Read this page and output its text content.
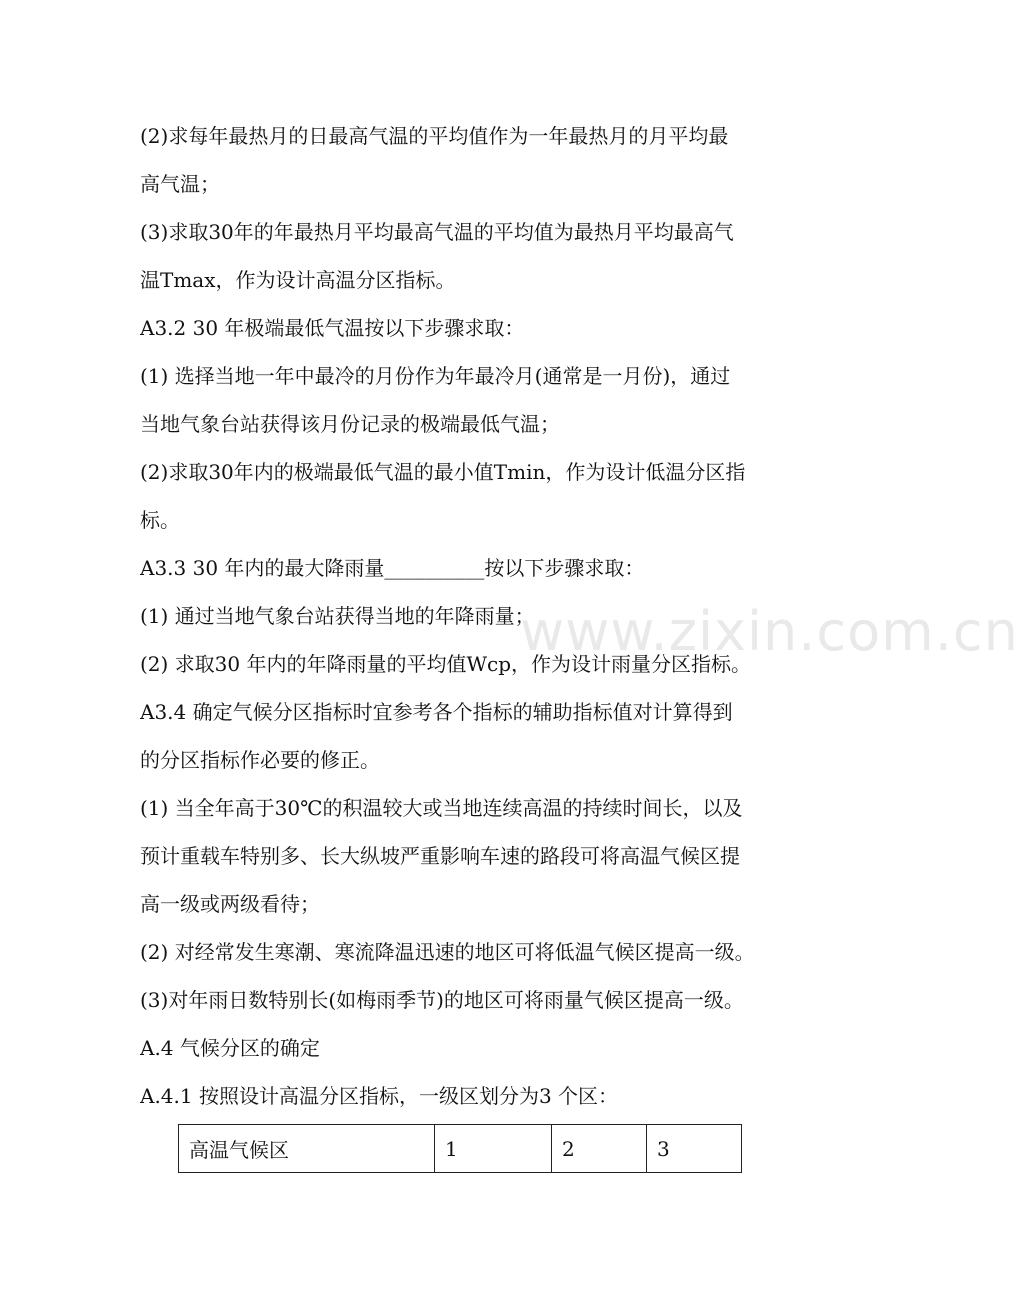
www.zixin.com.cn
(2)求每年最热月的日最高气温的平均值作为一年最热月的月平均最
高气温；
(3)求取30年的年最热月平均最高气温的平均值为最热月平均最高气
温Tmax，作为设计高温分区指标。
A3.2 30 年极端最低气温按以下步骤求取：
(1) 选择当地一年中最冷的月份作为年最冷月(通常是一月份)，通过
当地气象台站获得该月份记录的极端最低气温；
(2)求取30年内的极端最低气温的最小值Tmin，作为设计低温分区指
标。
A3.3 30 年内的最大降雨量__________按以下步骤求取：
(1) 通过当地气象台站获得当地的年降雨量；
(2) 求取30 年内的年降雨量的平均值Wcp，作为设计雨量分区指标。
A3.4 确定气候分区指标时宜参考各个指标的辅助指标值对计算得到
的分区指标作必要的修正。
(1) 当全年高于30℃的积温较大或当地连续高温的持续时间长，以及
预计重载车特别多、长大纵坡严重影响车速的路段可将高温气候区提
高一级或两级看待；
(2) 对经常发生寒潮、寒流降温迅速的地区可将低温气候区提高一级。
(3)对年雨日数特别长(如梅雨季节)的地区可将雨量气候区提高一级。
A.4 气候分区的确定
A.4.1 按照设计高温分区指标，一级区划分为3 个区：
高温气候区	1	2	3
